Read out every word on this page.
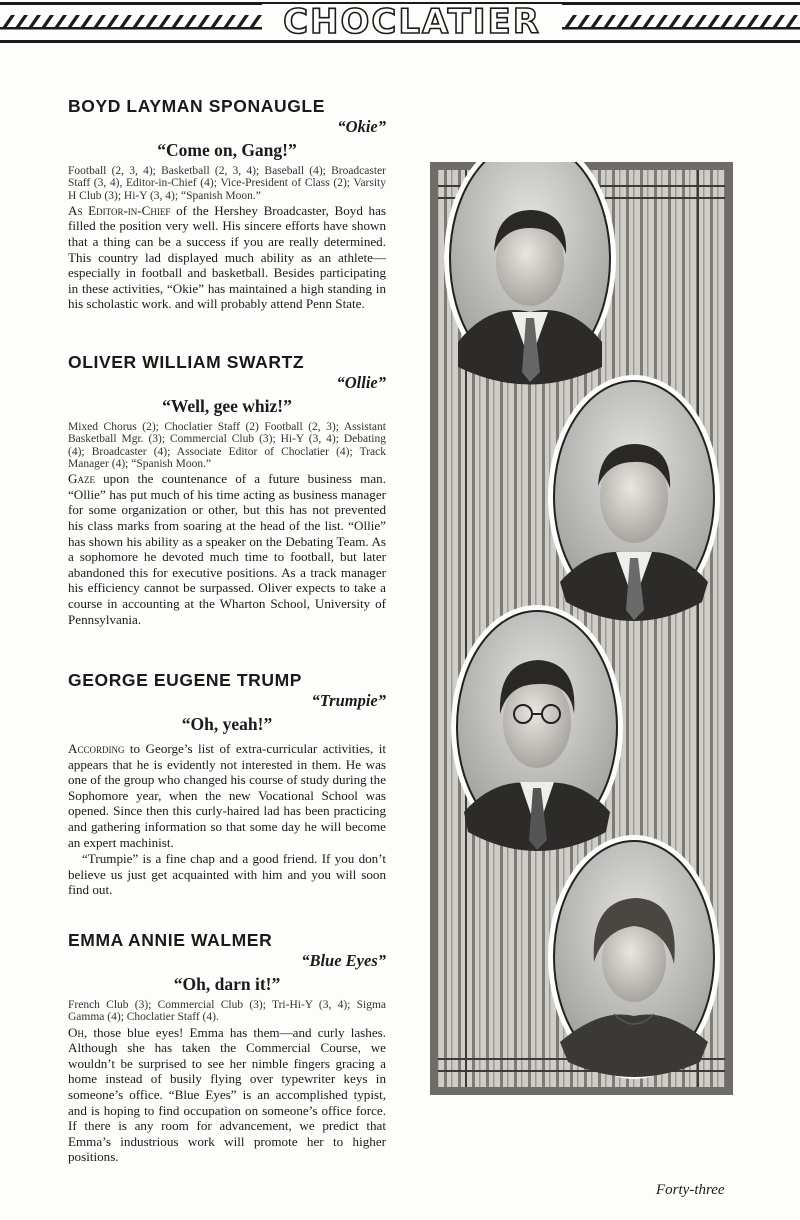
CHOCLATIER

BOYD LAYMAN SPONAUGLE

“Okie”

“Come on, Gang!”

Football (2, 3, 4); Basketball (2, 3, 4); Baseball (4); Broadcaster Staff (3, 4), Editor-in-Chief (4); Vice-President of Class (2); Varsity H Club (3); Hi-Y (3, 4); “Spanish Moon.”

As Editor-in-Chief of the Hershey Broadcaster, Boyd has filled the position very well. His sincere efforts have shown that a thing can be a success if you are really determined. This country lad displayed much ability as an athlete—especially in football and basketball. Besides participating in these activities, “Okie” has maintained a high standing in his scholastic work. and will probably attend Penn State.

OLIVER WILLIAM SWARTZ

“Ollie”

“Well, gee whiz!”

Mixed Chorus (2); Choclatier Staff (2) Football (2, 3); Assistant Basketball Mgr. (3); Commercial Club (3); Hi-Y (3, 4); Debating (4); Broadcaster (4); Associate Editor of Choclatier (4); Track Manager (4); “Spanish Moon.”

Gaze upon the countenance of a future business man. “Ollie” has put much of his time acting as business manager for some organization or other, but this has not prevented his class marks from soaring at the head of the list. “Ollie” has shown his ability as a speaker on the Debating Team. As a sophomore he devoted much time to football, but later abandoned this for executive positions. As a track manager his efficiency cannot be surpassed. Oliver expects to take a course in accounting at the Wharton School, University of Pennsylvania.

GEORGE EUGENE TRUMP

“Trumpie”

“Oh, yeah!”

According to George’s list of extra-curricular activities, it appears that he is evidently not interested in them. He was one of the group who changed his course of study during the Sophomore year, when the new Vocational School was opened. Since then this curly-haired lad has been practicing and gathering information so that some day he will become an expert machinist.

“Trumpie” is a fine chap and a good friend. If you don’t believe us just get acquainted with him and you will soon find out.

EMMA ANNIE WALMER

“Blue Eyes”

“Oh, darn it!”

French Club (3); Commercial Club (3); Tri-Hi-Y (3, 4); Sigma Gamma (4); Choclatier Staff (4).

Oh, those blue eyes! Emma has them—and curly lashes. Although she has taken the Commercial Course, we wouldn’t be surprised to see her nimble fingers gracing a home instead of busily flying over typewriter keys in someone’s office. “Blue Eyes” is an accomplished typist, and is hoping to find occupation on someone’s office force. If there is any room for advancement, we predict that Emma’s industrious work will promote her to higher positions.

Forty-three
